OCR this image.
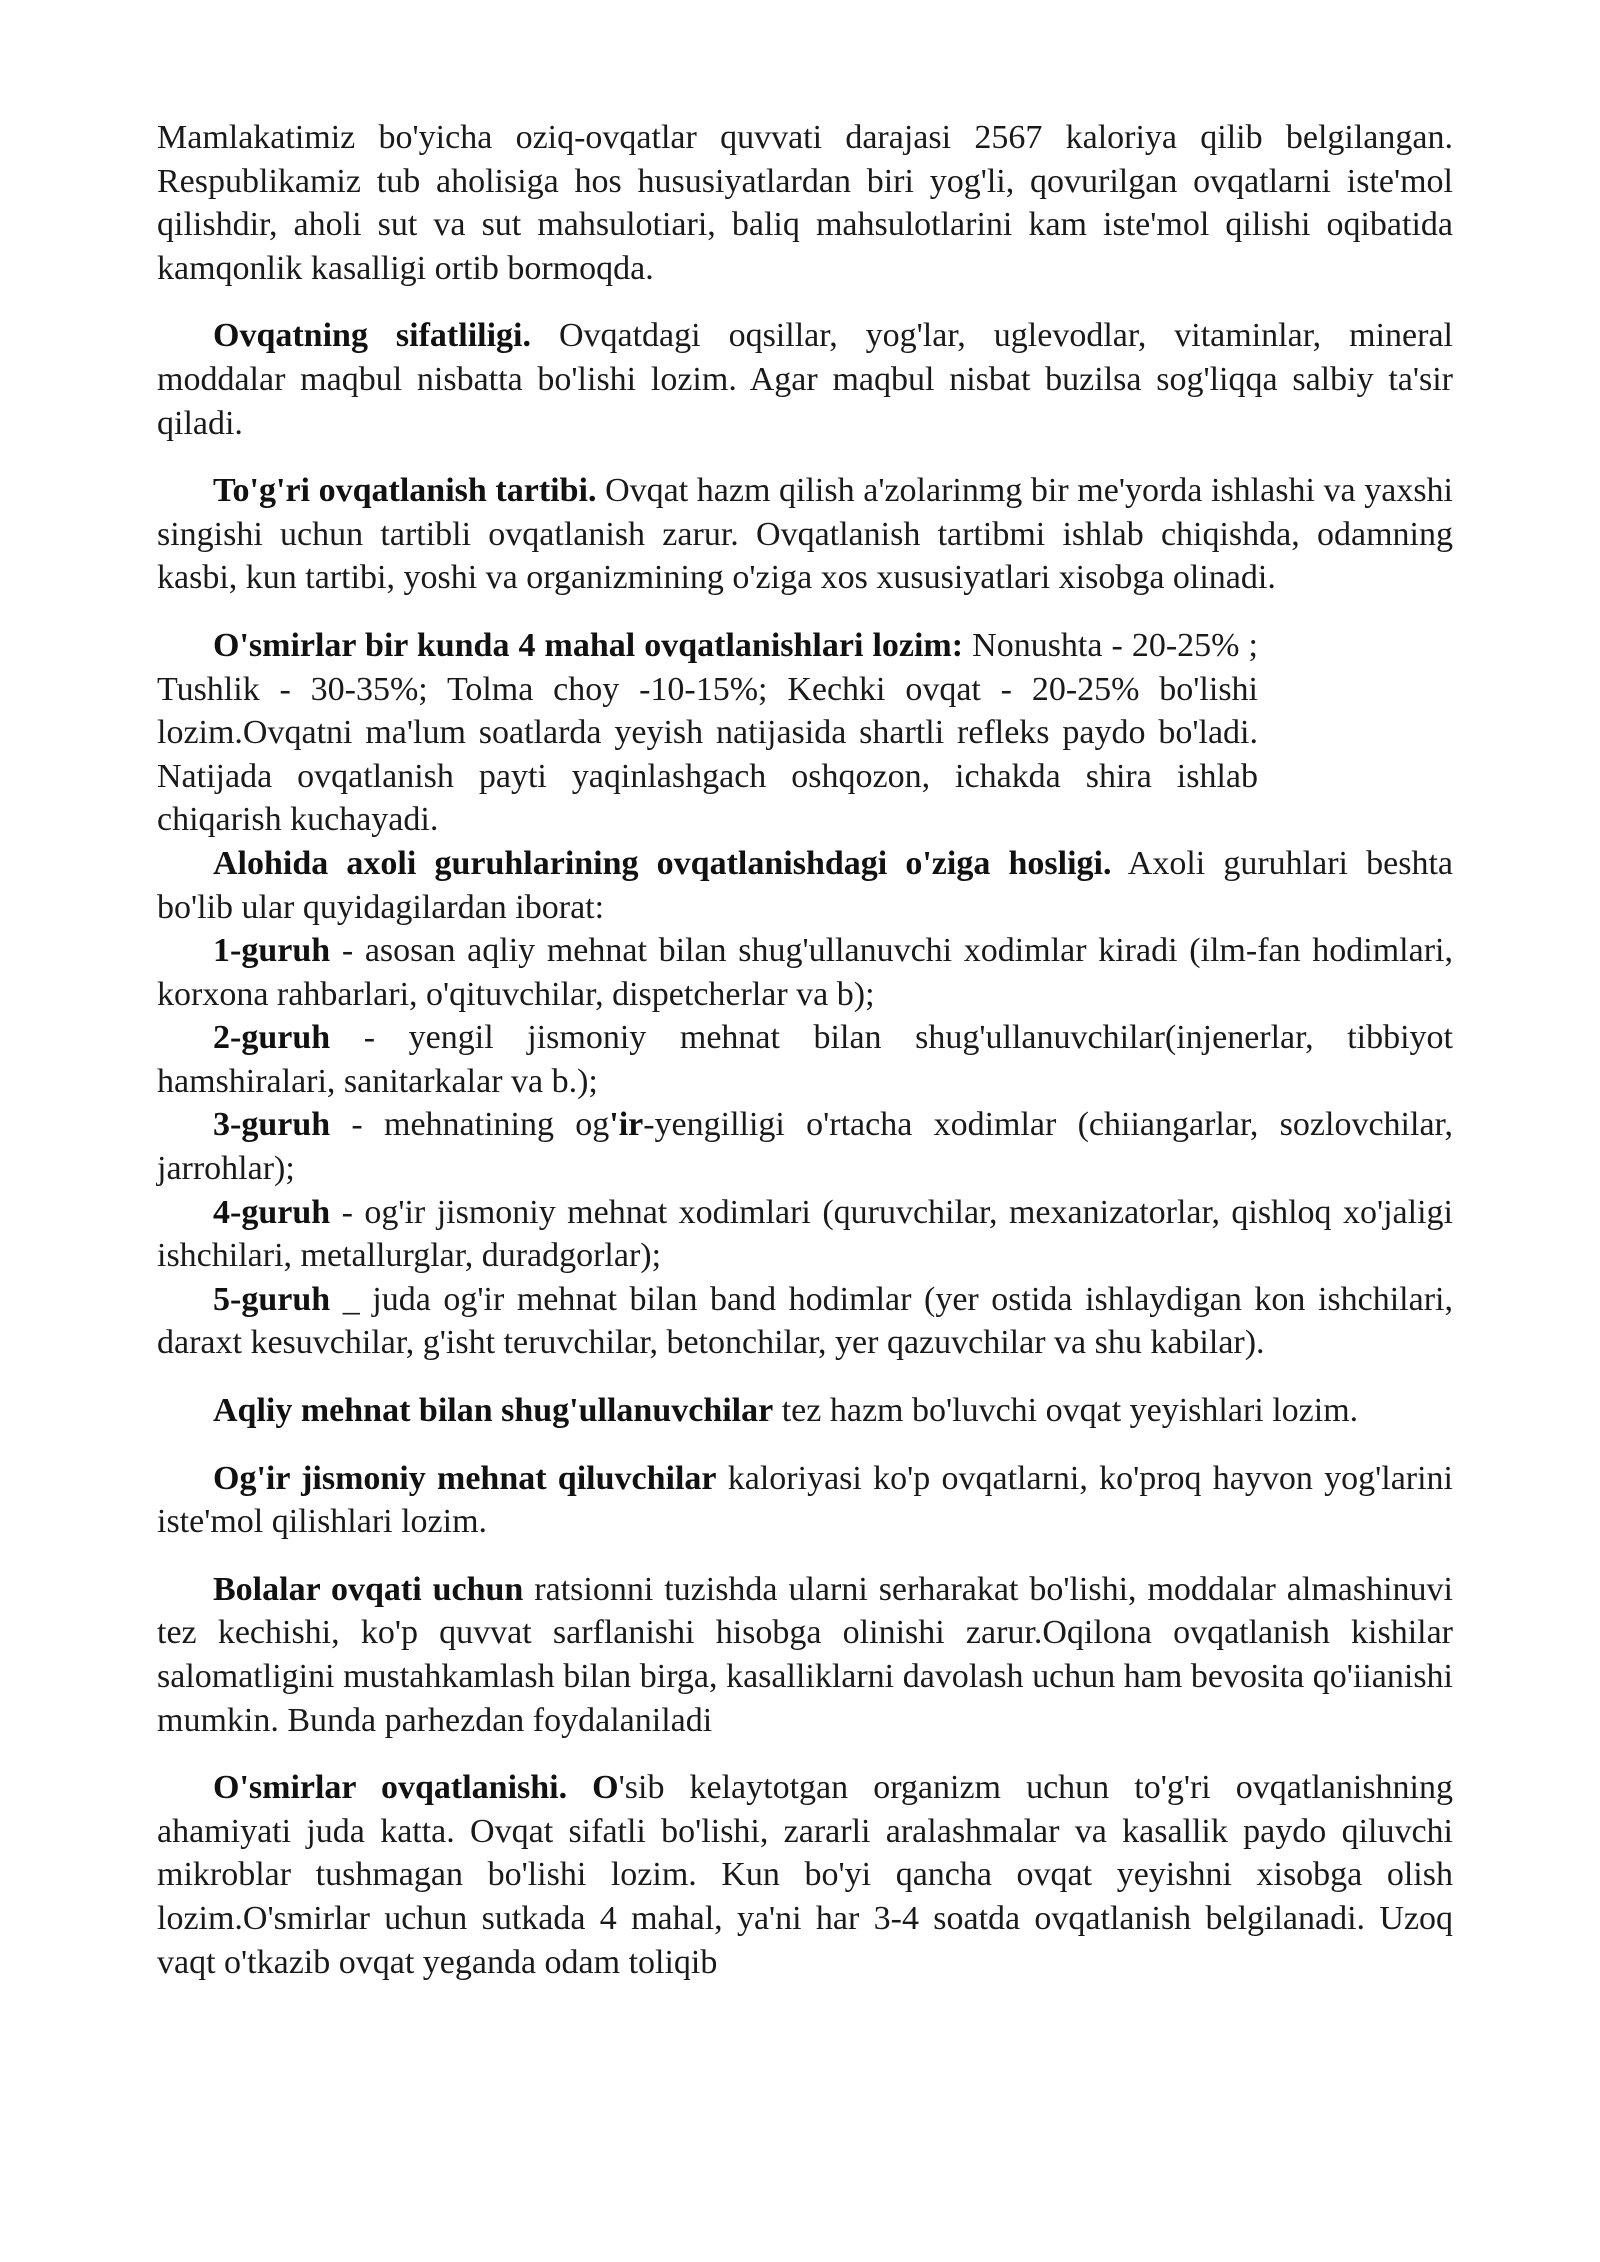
Mamlakatimiz bo'yicha oziq-ovqatlar quvvati darajasi 2567 kaloriya qilib belgilangan. Respublikamiz tub aholisiga hos hususiyatlardan biri yog'li, qovurilgan ovqatlarni iste'mol qilishdir, aholi sut va sut mahsulotiari, baliq mahsulotlarini kam iste'mol qilishi oqibatida kamqonlik kasalligi ortib bormoqda.

Ovqatning sifatliligi. Ovqatdagi oqsillar, yog'lar, uglevodlar, vitaminlar, mineral moddalar maqbul nisbatta bo'lishi lozim. Agar maqbul nisbat buzilsa sog'liqqa salbiy ta'sir qiladi.

To'g'ri ovqatlanish tartibi. Ovqat hazm qilish a'zolarinmg bir me'yorda ishlashi va yaxshi singishi uchun tartibli ovqatlanish zarur. Ovqatlanish tartibmi ishlab chiqishda, odamning kasbi, kun tartibi, yoshi va organizmining o'ziga xos xususiyatlari xisobga olinadi.

O'smirlar bir kunda 4 mahal ovqatlanishlari lozim: Nonushta - 20-25% ; Tushlik - 30-35%; Tolma choy -10-15%; Kechki ovqat - 20-25% bo'lishi lozim.Ovqatni ma'lum soatlarda yeyish natijasida shartli refleks paydo bo'ladi. Natijada ovqatlanish payti yaqinlashgach oshqozon, ichakda shira ishlab chiqarish kuchayadi.

Alohida axoli guruhlarining ovqatlanishdagi o'ziga hosligi. Axoli guruhlari beshta bo'lib ular quyidagilardan iborat:

1-guruh - asosan aqliy mehnat bilan shug'ullanuvchi xodimlar kiradi (ilm-fan hodimlari, korxona rahbarlari, o'qituvchilar, dispetcherlar va b);

2-guruh - yengil jismoniy mehnat bilan shug'ullanuvchilar(injenerlar, tibbiyot hamshiralari, sanitarkalar va b.);

3-guruh - mehnatining og'ir-yengilligi o'rtacha xodimlar (chiiangarlar, sozlovchilar, jarrohlar);

4-guruh - og'ir jismoniy mehnat xodimlari (quruvchilar, mexanizatorlar, qishloq xo'jaligi ishchilari, metallurglar, duradgorlar);

5-guruh _ juda og'ir mehnat bilan band hodimlar (yer ostida ishlaydigan kon ishchilari, daraxt kesuvchilar, g'isht teruvchilar, betonchilar, yer qazuvchilar va shu kabilar).

Aqliy mehnat bilan shug'ullanuvchilar tez hazm bo'luvchi ovqat yeyishlari lozim.

Og'ir jismoniy mehnat qiluvchilar kaloriyasi ko'p ovqatlarni, ko'proq hayvon yog'larini iste'mol qilishlari lozim.

Bolalar ovqati uchun ratsionni tuzishda ularni serharakat bo'lishi, moddalar almashinuvi tez kechishi, ko'p quvvat sarflanishi hisobga olinishi zarur.Oqilona ovqatlanish kishilar salomatligini mustahkamlash bilan birga, kasalliklarni davolash uchun ham bevosita qo'iianishi mumkin. Bunda parhezdan foydalaniladi

O'smirlar ovqatlanishi. O'sib kelaytotgan organizm uchun to'g'ri ovqatlanishning ahamiyati juda katta. Ovqat sifatli bo'lishi, zararli aralashmalar va kasallik paydo qiluvchi mikroblar tushmagan bo'lishi lozim. Kun bo'yi qancha ovqat yeyishni xisobga olish lozim.O'smirlar uchun sutkada 4 mahal, ya'ni har 3-4 soatda ovqatlanish belgilanadi. Uzoq vaqt o'tkazib ovqat yeganda odam toliqib
